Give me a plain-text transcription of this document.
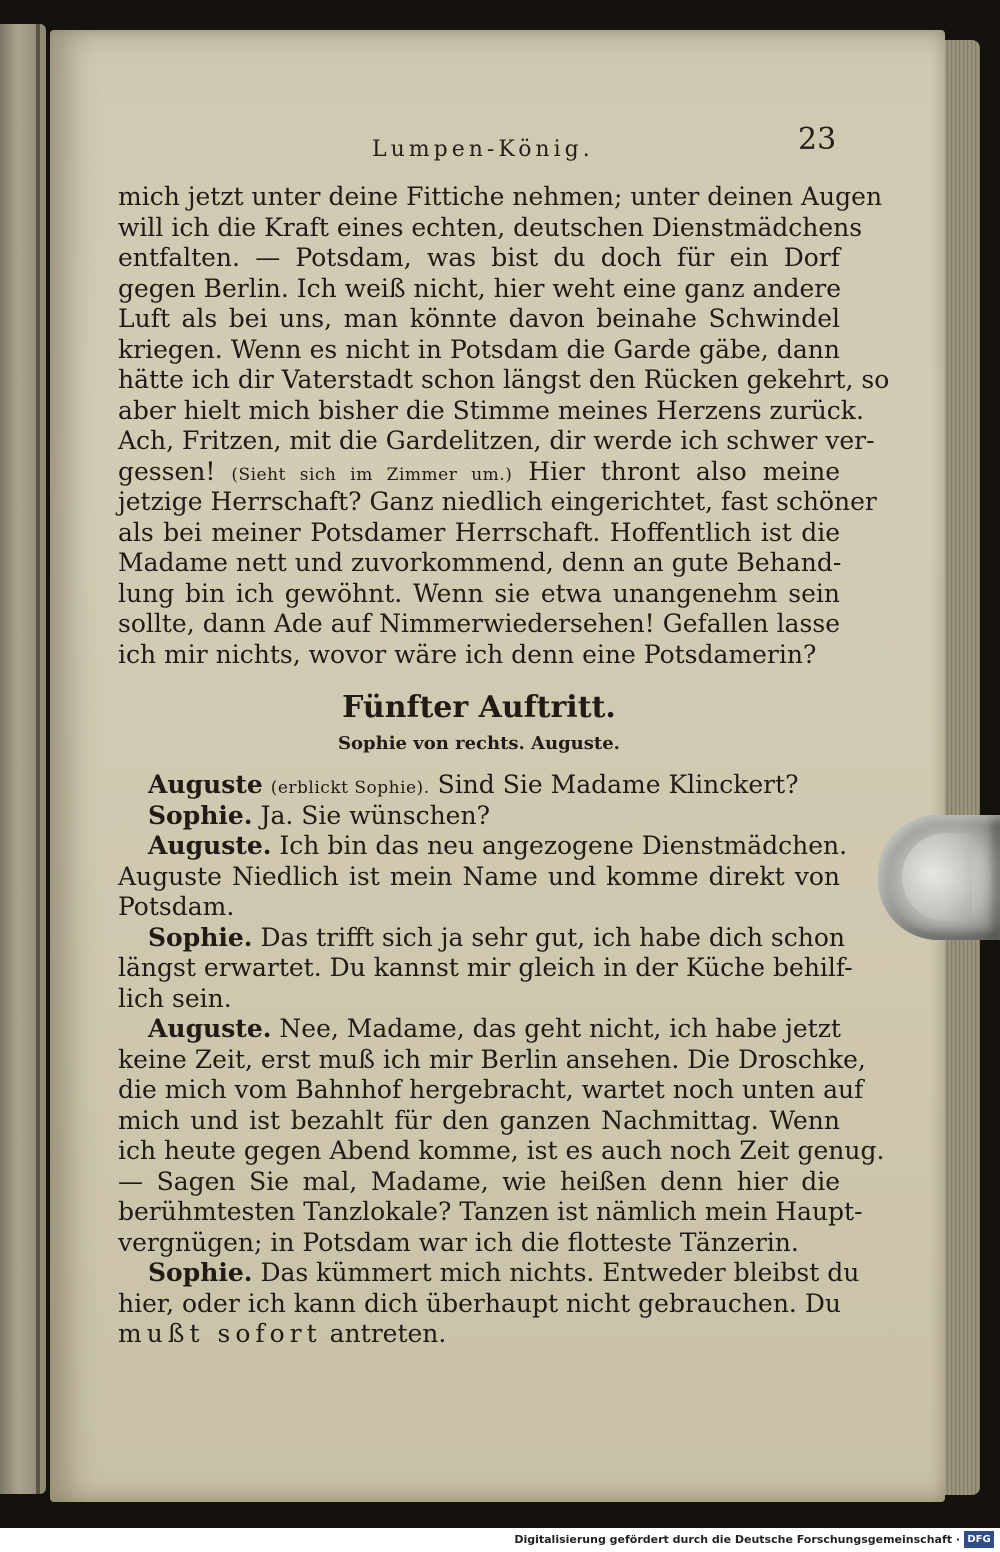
Lumpen-König.	23
mich jetzt unter deine Fittiche nehmen; unter deinen Augen
will ich die Kraft eines echten, deutschen Dienstmädchens
entfalten. — Potsdam, was bist du doch für ein Dorf
gegen Berlin. Ich weiß nicht, hier weht eine ganz andere
Luft als bei uns, man könnte davon beinahe Schwindel
kriegen. Wenn es nicht in Potsdam die Garde gäbe, dann
hätte ich dir Vaterstadt schon längst den Rücken gekehrt, so
aber hielt mich bisher die Stimme meines Herzens zurück.
Ach, Fritzen, mit die Gardelitzen, dir werde ich schwer ver-
gessen! (Sieht sich im Zimmer um.) Hier thront also meine
jetzige Herrschaft? Ganz niedlich eingerichtet, fast schöner
als bei meiner Potsdamer Herrschaft. Hoffentlich ist die
Madame nett und zuvorkommend, denn an gute Behand-
lung bin ich gewöhnt. Wenn sie etwa unangenehm sein
sollte, dann Ade auf Nimmerwiedersehen! Gefallen lasse
ich mir nichts, wovor wäre ich denn eine Potsdamerin?
Fünfter Auftritt.
Sophie von rechts. Auguste.
Auguste (erblickt Sophie). Sind Sie Madame Klinckert?
Sophie. Ja. Sie wünschen?
Auguste. Ich bin das neu angezogene Dienstmädchen.
Auguste Niedlich ist mein Name und komme direkt von
Potsdam.
Sophie. Das trifft sich ja sehr gut, ich habe dich schon
längst erwartet. Du kannst mir gleich in der Küche behilf-
lich sein.
Auguste. Nee, Madame, das geht nicht, ich habe jetzt
keine Zeit, erst muß ich mir Berlin ansehen. Die Droschke,
die mich vom Bahnhof hergebracht, wartet noch unten auf
mich und ist bezahlt für den ganzen Nachmittag. Wenn
ich heute gegen Abend komme, ist es auch noch Zeit genug.
— Sagen Sie mal, Madame, wie heißen denn hier die
berühmtesten Tanzlokale? Tanzen ist nämlich mein Haupt-
vergnügen; in Potsdam war ich die flotteste Tänzerin.
Sophie. Das kümmert mich nichts. Entweder bleibst du
hier, oder ich kann dich überhaupt nicht gebrauchen. Du
mußt sofort antreten.
Digitalisierung gefördert durch die Deutsche Forschungsgemeinschaft · DFG
